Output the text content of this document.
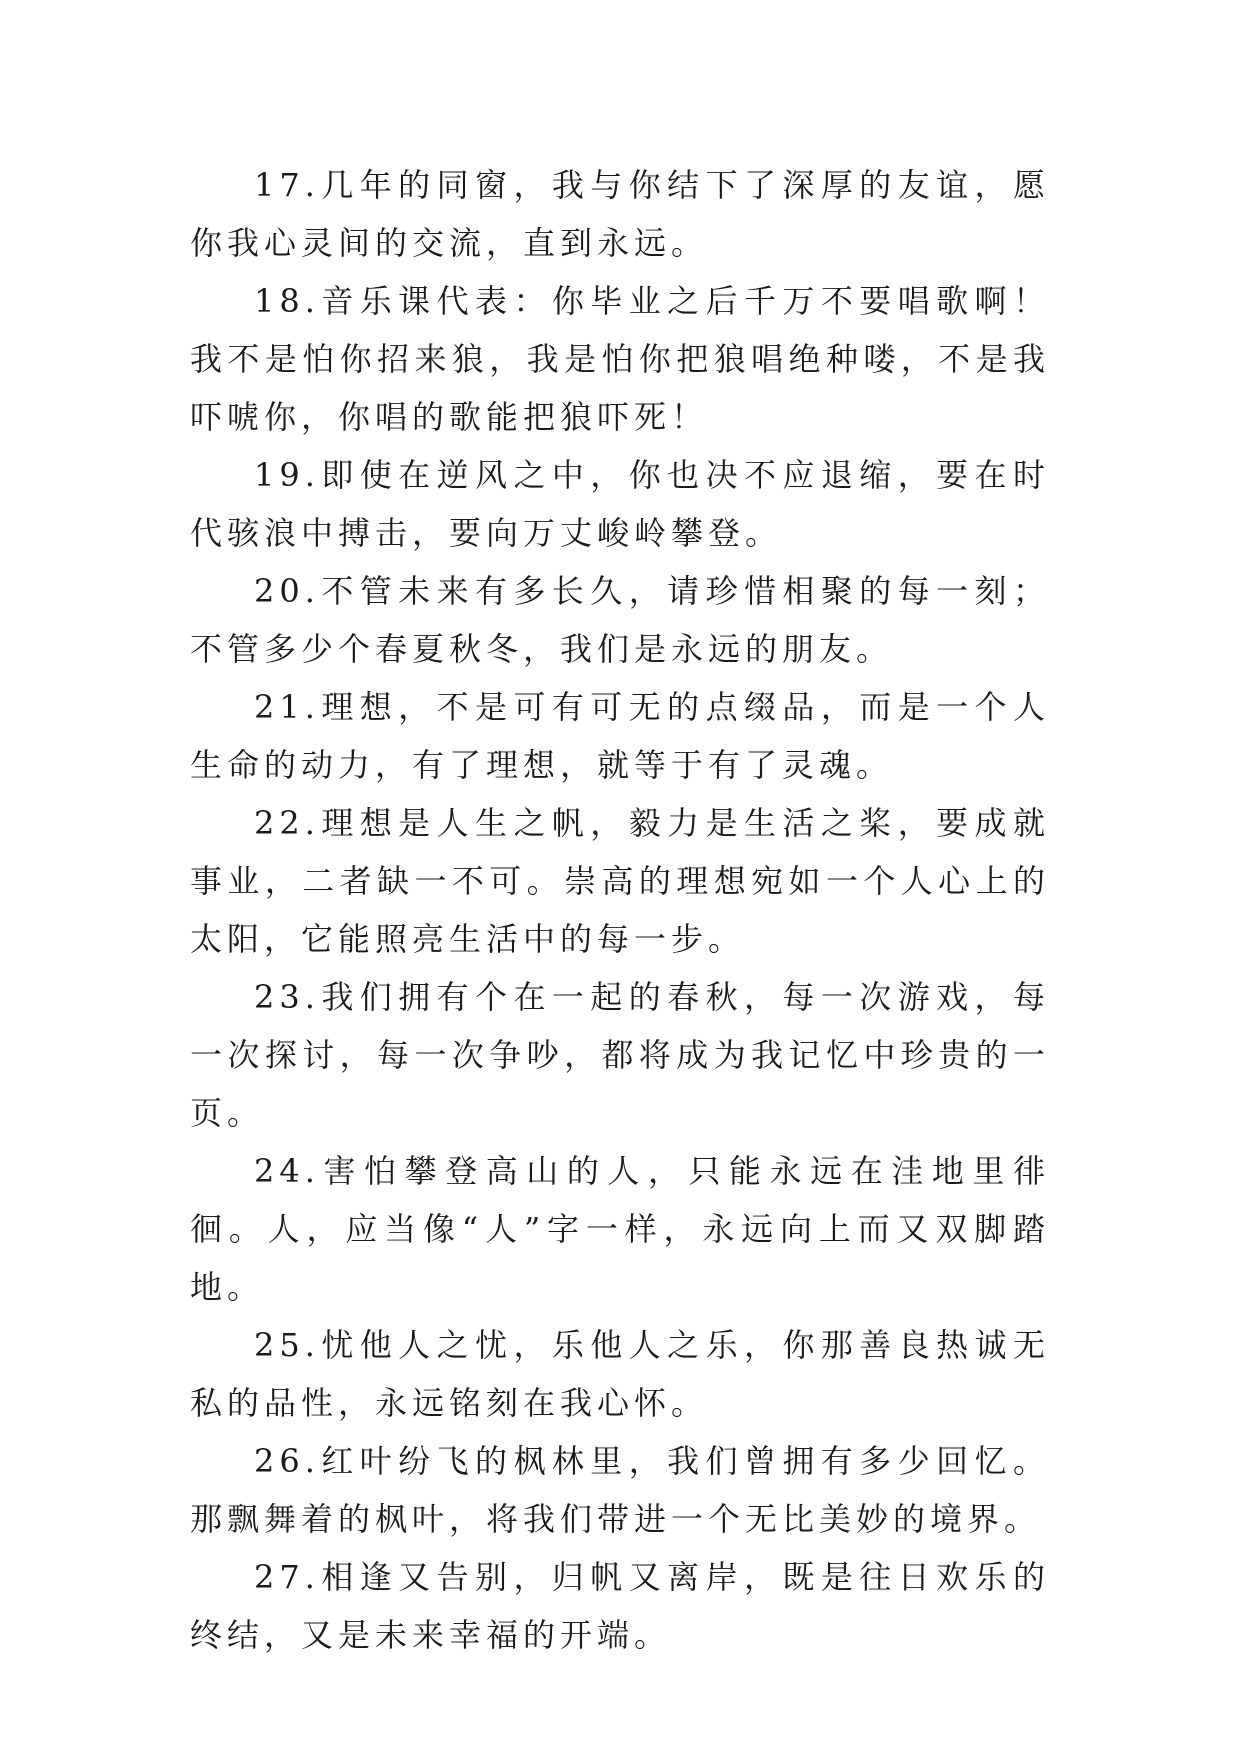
17.几年的同窗，我与你结下了深厚的友谊，愿你我心灵间的交流，直到永远。

18.音乐课代表：你毕业之后千万不要唱歌啊！我不是怕你招来狼，我是怕你把狼唱绝种喽，不是我吓唬你，你唱的歌能把狼吓死！

19.即使在逆风之中，你也决不应退缩，要在时代骇浪中搏击，要向万丈峻岭攀登。

20.不管未来有多长久，请珍惜相聚的每一刻；不管多少个春夏秋冬，我们是永远的朋友。

21.理想，不是可有可无的点缀品，而是一个人生命的动力，有了理想，就等于有了灵魂。

22.理想是人生之帆，毅力是生活之桨，要成就事业，二者缺一不可。崇高的理想宛如一个人心上的太阳，它能照亮生活中的每一步。

23.我们拥有个在一起的春秋，每一次游戏，每一次探讨，每一次争吵，都将成为我记忆中珍贵的一页。

24.害怕攀登高山的人，只能永远在洼地里徘徊。人，应当像“人”字一样，永远向上而又双脚踏地。

25.忧他人之忧，乐他人之乐，你那善良热诚无私的品性，永远铭刻在我心怀。

26.红叶纷飞的枫林里，我们曾拥有多少回忆。那飘舞着的枫叶，将我们带进一个无比美妙的境界。

27.相逢又告别，归帆又离岸，既是往日欢乐的终结，又是未来幸福的开端。
